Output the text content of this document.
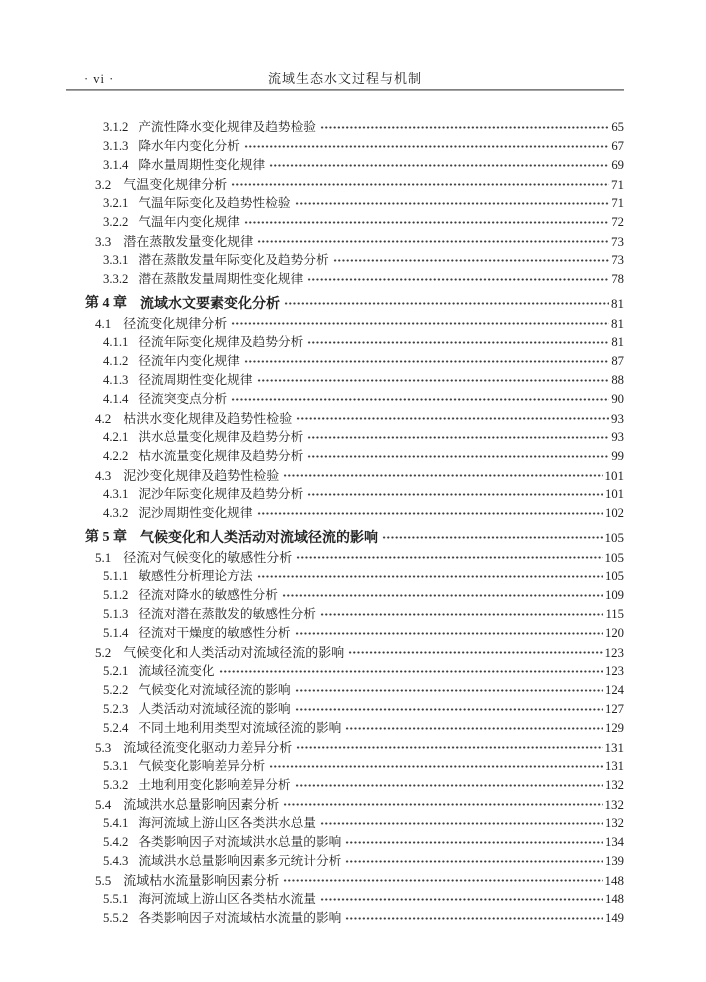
· vi ·	流域生态水文过程与机制
3.1.2 产流性降水变化规律及趋势检验	65
3.1.3 降水年内变化分析	67
3.1.4 降水量周期性变化规律	69
3.2 气温变化规律分析	71
3.2.1 气温年际变化及趋势性检验	71
3.2.2 气温年内变化规律	72
3.3 潜在蒸散发量变化规律	73
3.3.1 潜在蒸散发量年际变化及趋势分析	73
3.3.2 潜在蒸散发量周期性变化规律	78
第 4 章 流域水文要素变化分析	81
4.1 径流变化规律分析	81
4.1.1 径流年际变化规律及趋势分析	81
4.1.2 径流年内变化规律	87
4.1.3 径流周期性变化规律	88
4.1.4 径流突变点分析	90
4.2 枯洪水变化规律及趋势性检验	93
4.2.1 洪水总量变化规律及趋势分析	93
4.2.2 枯水流量变化规律及趋势分析	99
4.3 泥沙变化规律及趋势性检验	101
4.3.1 泥沙年际变化规律及趋势分析	101
4.3.2 泥沙周期性变化规律	102
第 5 章 气候变化和人类活动对流域径流的影响	105
5.1 径流对气候变化的敏感性分析	105
5.1.1 敏感性分析理论方法	105
5.1.2 径流对降水的敏感性分析	109
5.1.3 径流对潜在蒸散发的敏感性分析	115
5.1.4 径流对干燥度的敏感性分析	120
5.2 气候变化和人类活动对流域径流的影响	123
5.2.1 流域径流变化	123
5.2.2 气候变化对流域径流的影响	124
5.2.3 人类活动对流域径流的影响	127
5.2.4 不同土地利用类型对流域径流的影响	129
5.3 流域径流变化驱动力差异分析	131
5.3.1 气候变化影响差异分析	131
5.3.2 土地利用变化影响差异分析	132
5.4 流域洪水总量影响因素分析	132
5.4.1 海河流域上游山区各类洪水总量	132
5.4.2 各类影响因子对流域洪水总量的影响	134
5.4.3 流域洪水总量影响因素多元统计分析	139
5.5 流域枯水流量影响因素分析	148
5.5.1 海河流域上游山区各类枯水流量	148
5.5.2 各类影响因子对流域枯水流量的影响	149
